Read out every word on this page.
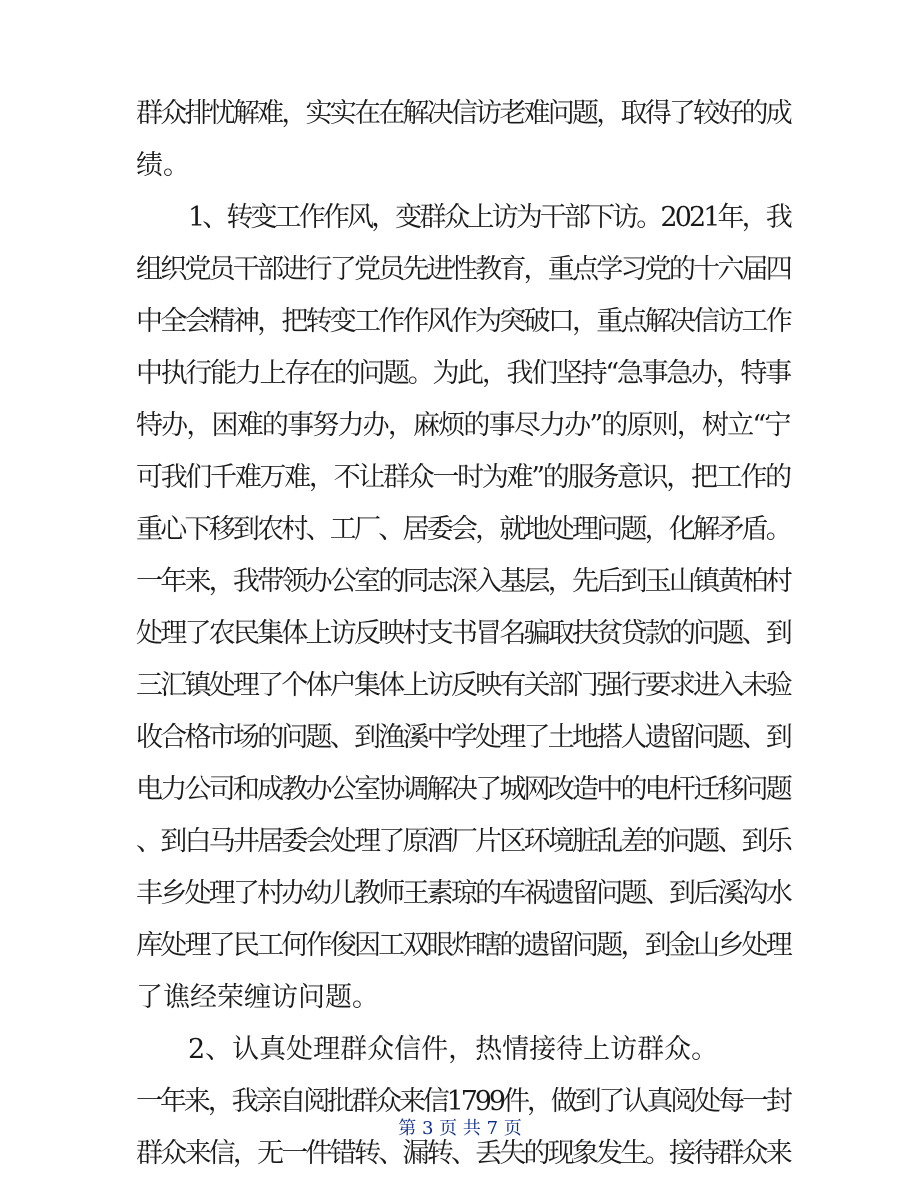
群众排忧解难，实实在在解决信访老难问题，取得了较好的成
绩。
1、转变工作作风，变群众上访为干部下访。2021年，我
组织党员干部进行了党员先进性教育，重点学习党的十六届四
中全会精神，把转变工作作风作为突破口，重点解决信访工作
中执行能力上存在的问题。为此，我们坚持“急事急办，特事
特办，困难的事努力办，麻烦的事尽力办”的原则，树立“宁
可我们千难万难，不让群众一时为难”的服务意识，把工作的
重心下移到农村、工厂、居委会，就地处理问题，化解矛盾。
一年来，我带领办公室的同志深入基层，先后到玉山镇黄柏村
处理了农民集体上访反映村支书冒名骗取扶贫贷款的问题、到
三汇镇处理了个体户集体上访反映有关部门强行要求进入未验
收合格市场的问题、到渔溪中学处理了土地搭人遗留问题、到
电力公司和成教办公室协调解决了城网改造中的电杆迁移问题
、到白马井居委会处理了原酒厂片区环境脏乱差的问题、到乐
丰乡处理了村办幼儿教师王素琼的车祸遗留问题、到后溪沟水
库处理了民工何作俊因工双眼炸瞎的遗留问题，到金山乡处理
了谯经荣缠访问题。
2、认真处理群众信件，热情接待上访群众。
一年来，我亲自阅批群众来信1799件，做到了认真阅处每一封
群众来信，无一件错转、漏转、丢失的现象发生。接待群众来
第 3 页 共 7 页
